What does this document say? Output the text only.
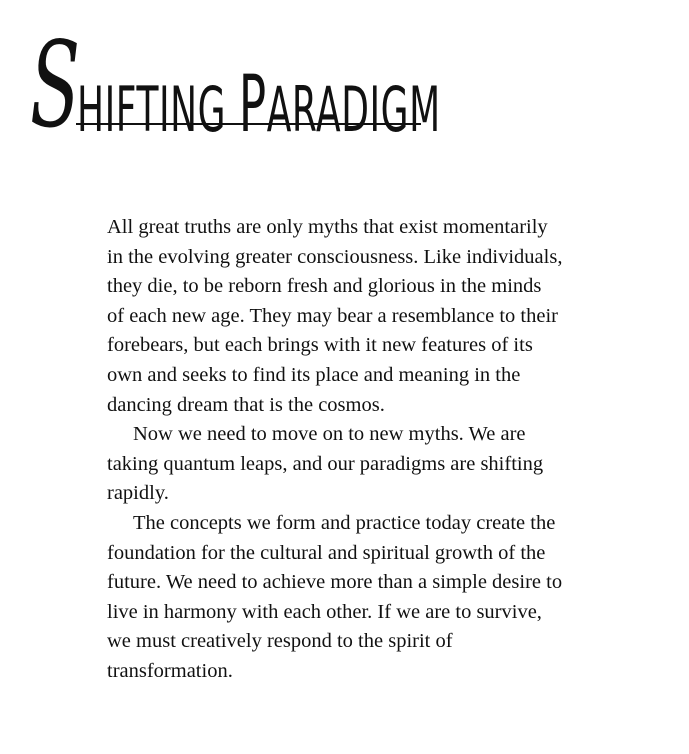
S
HIFTING PARADIGM

All great truths are only myths that exist momentarily

in the evolving greater consciousness. Like individuals,

they die, to be reborn fresh and glorious in the minds

of each new age. They may bear a resemblance to their

forebears, but each brings with it new features of its

own and seeks to find its place and meaning in the

dancing dream that is the cosmos.

Now we need to move on to new myths. We are

taking quantum leaps, and our paradigms are shifting

rapidly.

The concepts we form and practice today create the

foundation for the cultural and spiritual growth of the

future. We need to achieve more than a simple desire to

live in harmony with each other. If we are to survive,

we must creatively respond to the spirit of

transformation.
